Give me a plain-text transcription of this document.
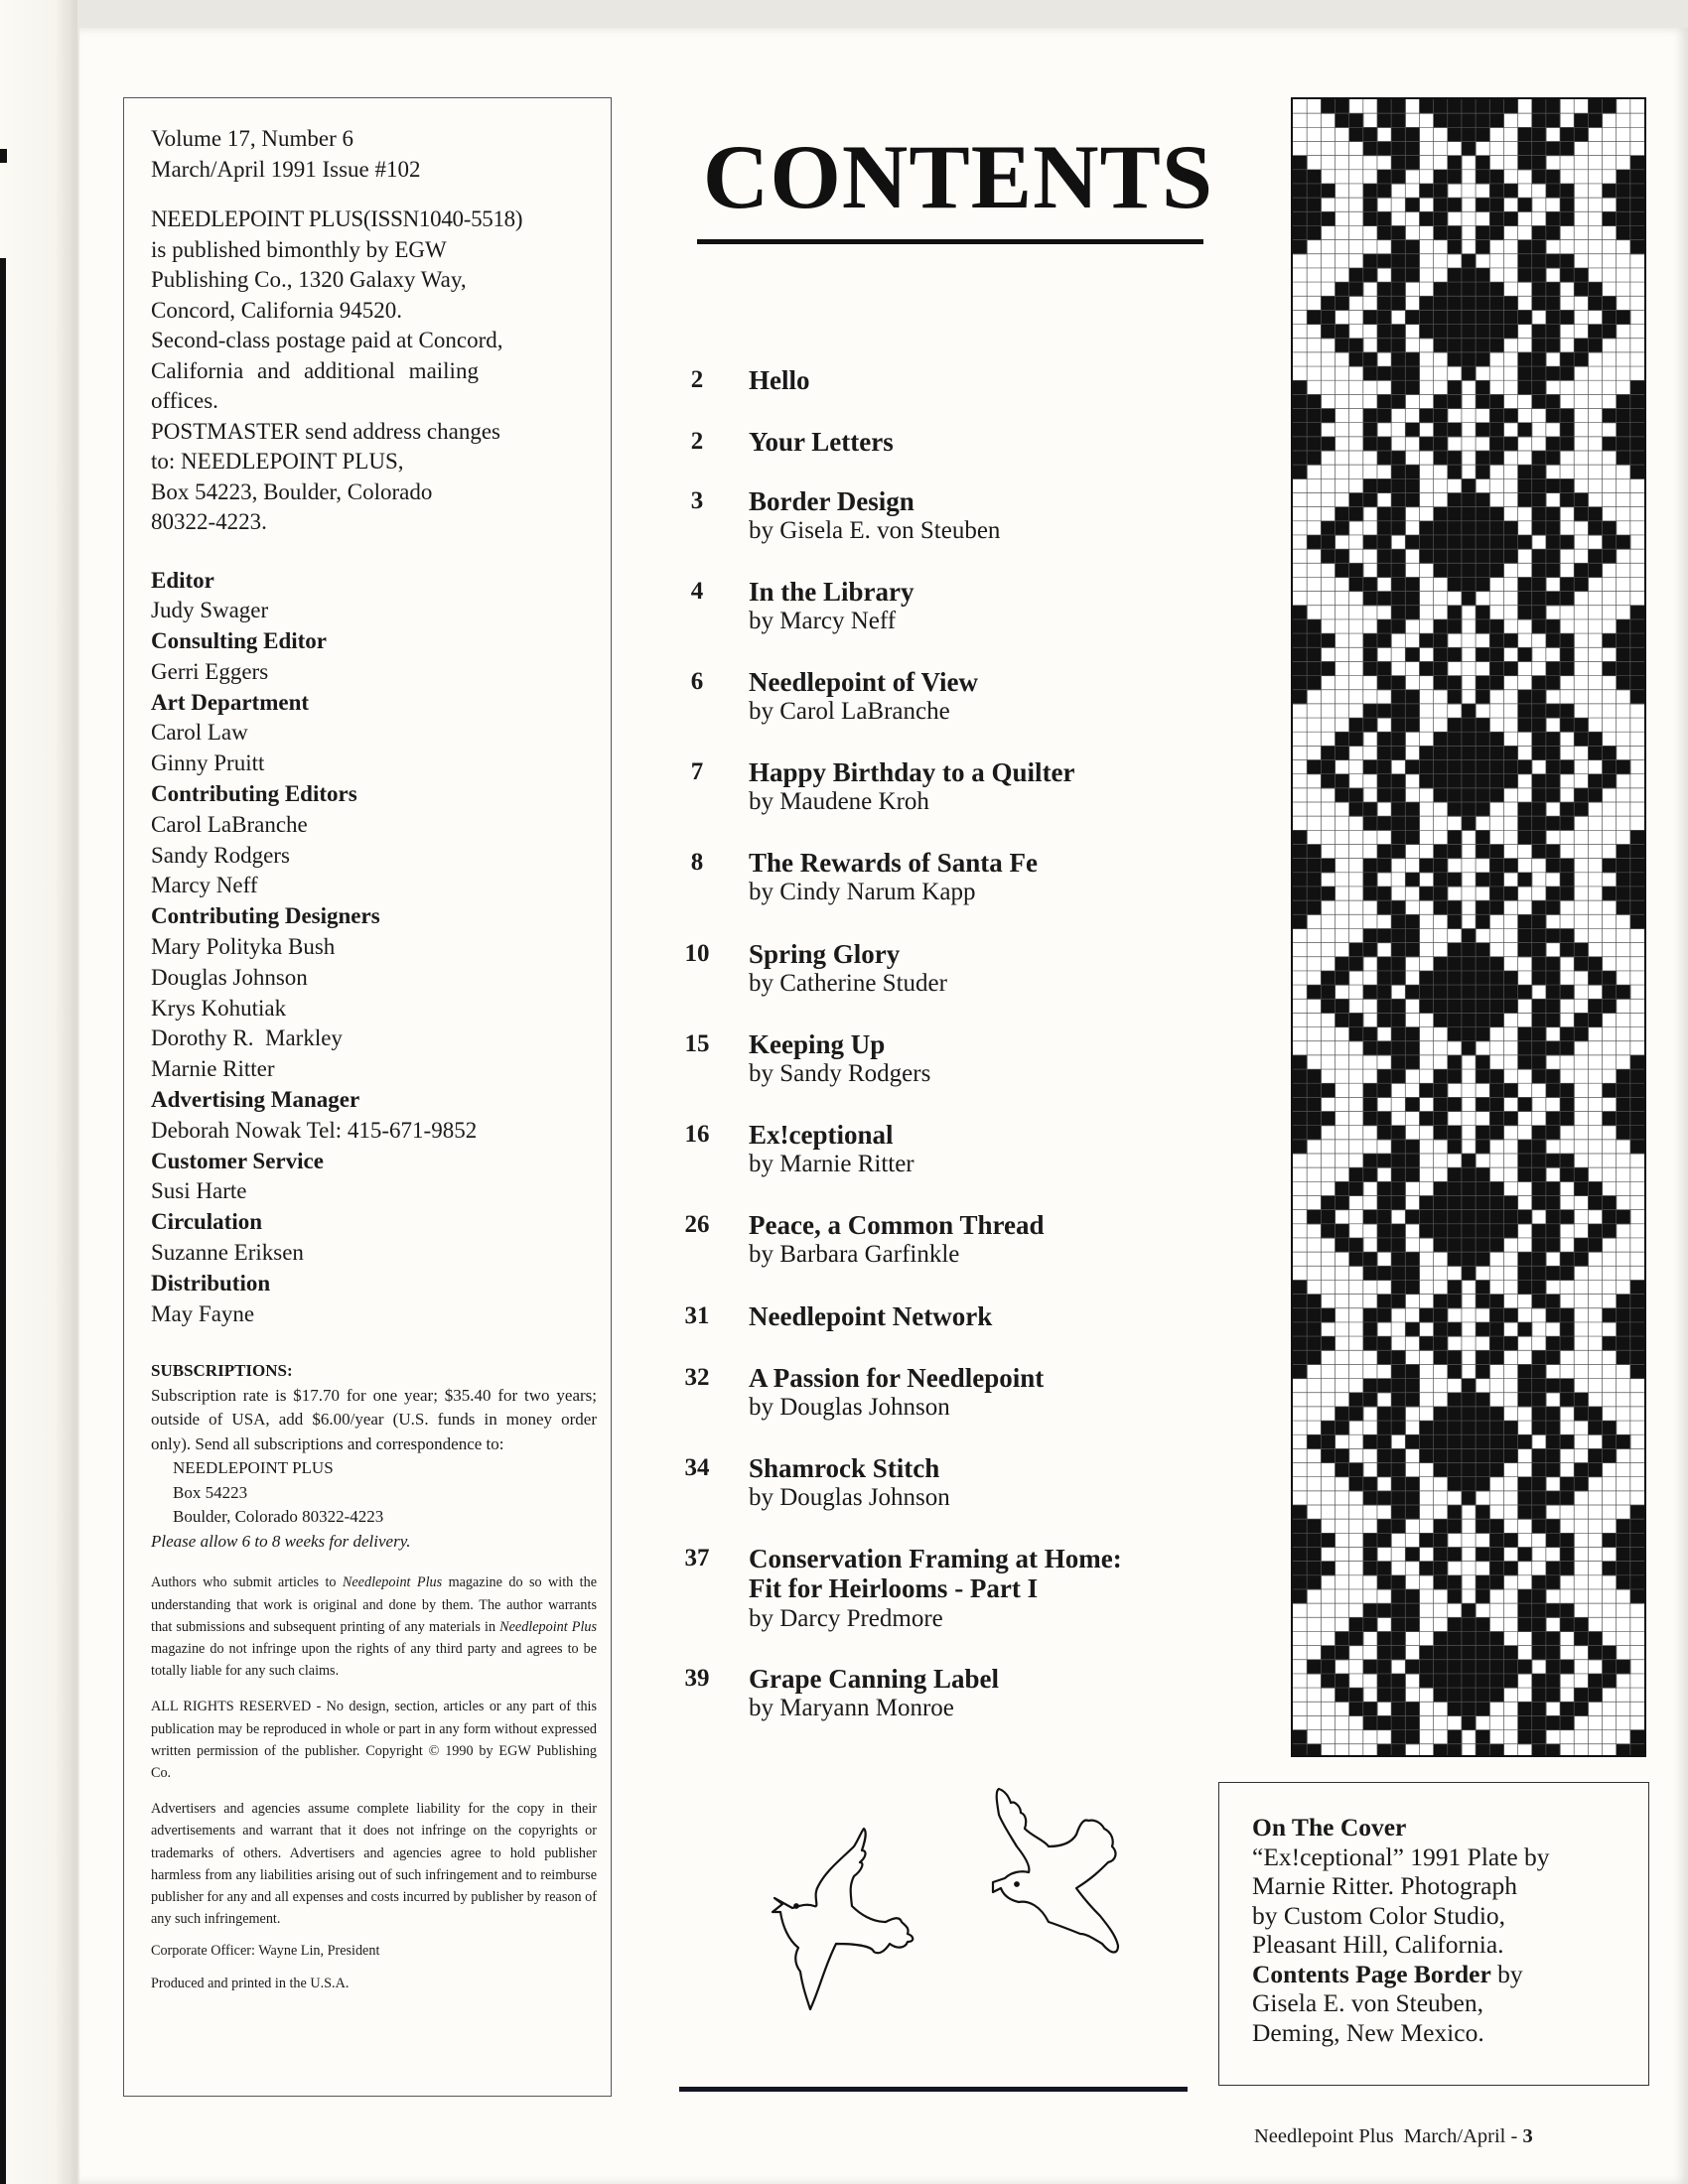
Volume 17, Number 6

March/April 1991 Issue #102

NEEDLEPOINT PLUS(ISSN1040-5518)

is published bimonthly by EGW

Publishing Co., 1320 Galaxy Way,

Concord, California 94520.

Second-class postage paid at Concord,

California and additional mailing

offices.

POSTMASTER send address changes

to: NEEDLEPOINT PLUS,

Box 54223, Boulder, Colorado

80322-4223.

Editor
Judy Swager
Consulting Editor
Gerri Eggers
Art Department
Carol Law
Ginny Pruitt
Contributing Editors
Carol LaBranche
Sandy Rodgers
Marcy Neff
Contributing Designers
Mary Polityka Bush
Douglas Johnson
Krys Kohutiak
Dorothy R.  Markley
Marnie Ritter
Advertising Manager
Deborah Nowak Tel: 415-671-9852
Customer Service
Susi Harte
Circulation
Suzanne Eriksen
Distribution
May Fayne
SUBSCRIPTIONS:
Subscription rate is $17.70 for one year; $35.40 for two years; outside of USA, add $6.00/year (U.S. funds in money order only). Send all subscriptions and correspondence to:
NEEDLEPOINT PLUS
Box 54223
Boulder, Colorado 80322-4223
Please allow 6 to 8 weeks for delivery.
Authors who submit articles to Needlepoint Plus magazine do so with the understanding that work is original and done by them. The author warrants that submissions and subsequent printing of any materials in Needlepoint Plus magazine do not infringe upon the rights of any third party and agrees to be totally liable for any such claims.
ALL RIGHTS RESERVED - No design, section, articles or any part of this publication may be reproduced in whole or part in any form without expressed written permission of the publisher. Copyright © 1990 by EGW Publishing Co.
Advertisers and agencies assume complete liability for the copy in their advertisements and warrant that it does not infringe on the copyrights or trademarks of others. Advertisers and agencies agree to hold publisher harmless from any liabilities arising out of such infringement and to reimburse publisher for any and all expenses and costs incurred by publisher by reason of any such infringement.
Corporate Officer: Wayne Lin, President
Produced and printed in the U.S.A.
CONTENTS
2	Hello
2	Your Letters
3	Border Design
by Gisela E. von Steuben
4	In the Library
by Marcy Neff
6	Needlepoint of View
by Carol LaBranche
7	Happy Birthday to a Quilter
by Maudene Kroh
8	The Rewards of Santa Fe
by Cindy Narum Kapp
10	Spring Glory
by Catherine Studer
15	Keeping Up
by Sandy Rodgers
16	Ex!ceptional
by Marnie Ritter
26	Peace, a Common Thread
by Barbara Garfinkle
31	Needlepoint Network
32	A Passion for Needlepoint
by Douglas Johnson
34	Shamrock Stitch
by Douglas Johnson
37	Conservation Framing at Home:
Fit for Heirlooms - Part I
by Darcy Predmore
39	Grape Canning Label
by Maryann Monroe
On The Cover
“Ex!ceptional” 1991 Plate by
Marnie Ritter. Photograph
by Custom Color Studio,
Pleasant Hill, California.
Contents Page Border by
Gisela E. von Steuben,
Deming, New Mexico.
Needlepoint Plus  March/April - 3
